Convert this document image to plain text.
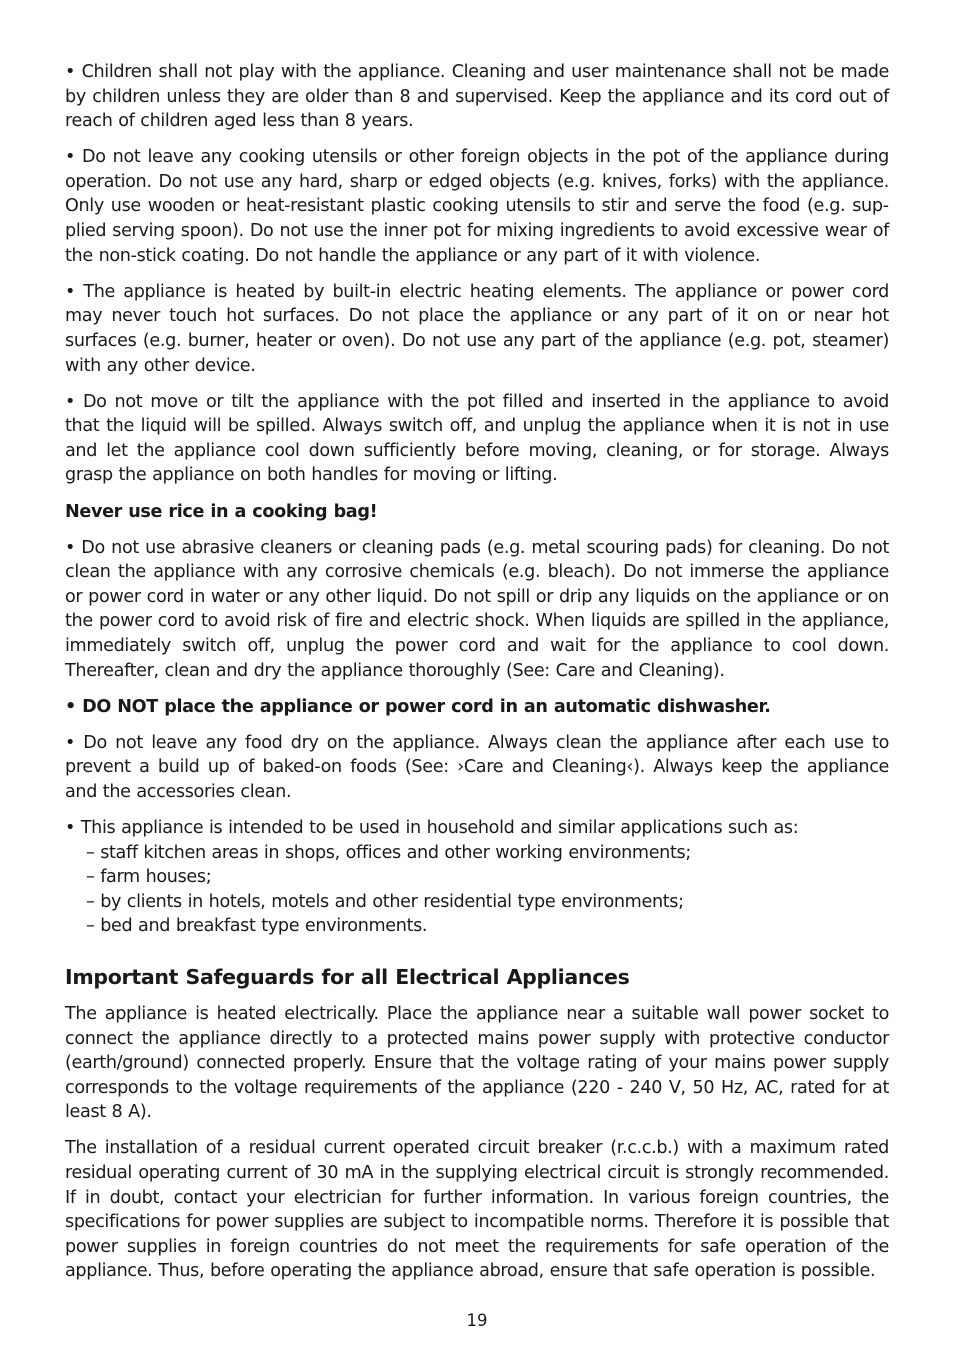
• Children shall not play with the appliance. Cleaning and user maintenance shall not be made by children unless they are older than 8 and supervised. Keep the appliance and its cord out of reach of children aged less than 8 years.

• Do not leave any cooking utensils or other foreign objects in the pot of the appliance during operation. Do not use any hard, sharp or edged objects (e.g. knives, forks) with the appliance. Only use wooden or heat-resistant plastic cooking utensils to stir and serve the food (e.g. supplied serving spoon). Do not use the inner pot for mixing ingredients to avoid excessive wear of the non-stick coating. Do not handle the appliance or any part of it with violence.

• The appliance is heated by built-in electric heating elements. The appliance or power cord may never touch hot surfaces. Do not place the appliance or any part of it on or near hot surfaces (e.g. burner, heater or oven). Do not use any part of the appliance (e.g. pot, steamer) with any other device.

• Do not move or tilt the appliance with the pot filled and inserted in the appliance to avoid that the liquid will be spilled. Always switch off, and unplug the appliance when it is not in use and let the appliance cool down sufficiently before moving, cleaning, or for storage. Always grasp the appliance on both handles for moving or lifting.

Never use rice in a cooking bag!

• Do not use abrasive cleaners or cleaning pads (e.g. metal scouring pads) for cleaning. Do not clean the appliance with any corrosive chemicals (e.g. bleach). Do not immerse the appliance or power cord in water or any other liquid. Do not spill or drip any liquids on the appliance or on the power cord to avoid risk of fire and electric shock. When liquids are spilled in the appliance, immediately switch off, unplug the power cord and wait for the appliance to cool down. Thereafter, clean and dry the appliance thoroughly (See: Care and Cleaning).

• DO NOT place the appliance or power cord in an automatic dishwasher.

• Do not leave any food dry on the appliance. Always clean the appliance after each use to prevent a build up of baked-on foods (See: ›Care and Cleaning‹). Always keep the appliance and the accessories clean.

• This appliance is intended to be used in household and similar applications such as:

– staff kitchen areas in shops, offices and other working environments;
– farm houses;
– by clients in hotels, motels and other residential type environments;
– bed and breakfast type environments.
Important Safeguards for all Electrical Appliances

The appliance is heated electrically. Place the appliance near a suitable wall power socket to connect the appliance directly to a protected mains power supply with protective conductor (earth/ground) connected properly. Ensure that the voltage rating of your mains power supply corresponds to the voltage requirements of the appliance (220 - 240 V, 50 Hz, AC, rated for at least 8 A).

The installation of a residual current operated circuit breaker (r.c.c.b.) with a maximum rated residual operating current of 30 mA in the supplying electrical circuit is strongly recommended. If in doubt, contact your electrician for further information. In various foreign countries, the specifications for power supplies are subject to incompatible norms. Therefore it is possible that power supplies in foreign countries do not meet the requirements for safe operation of the appliance. Thus, before operating the appliance abroad, ensure that safe operation is possible.

19
